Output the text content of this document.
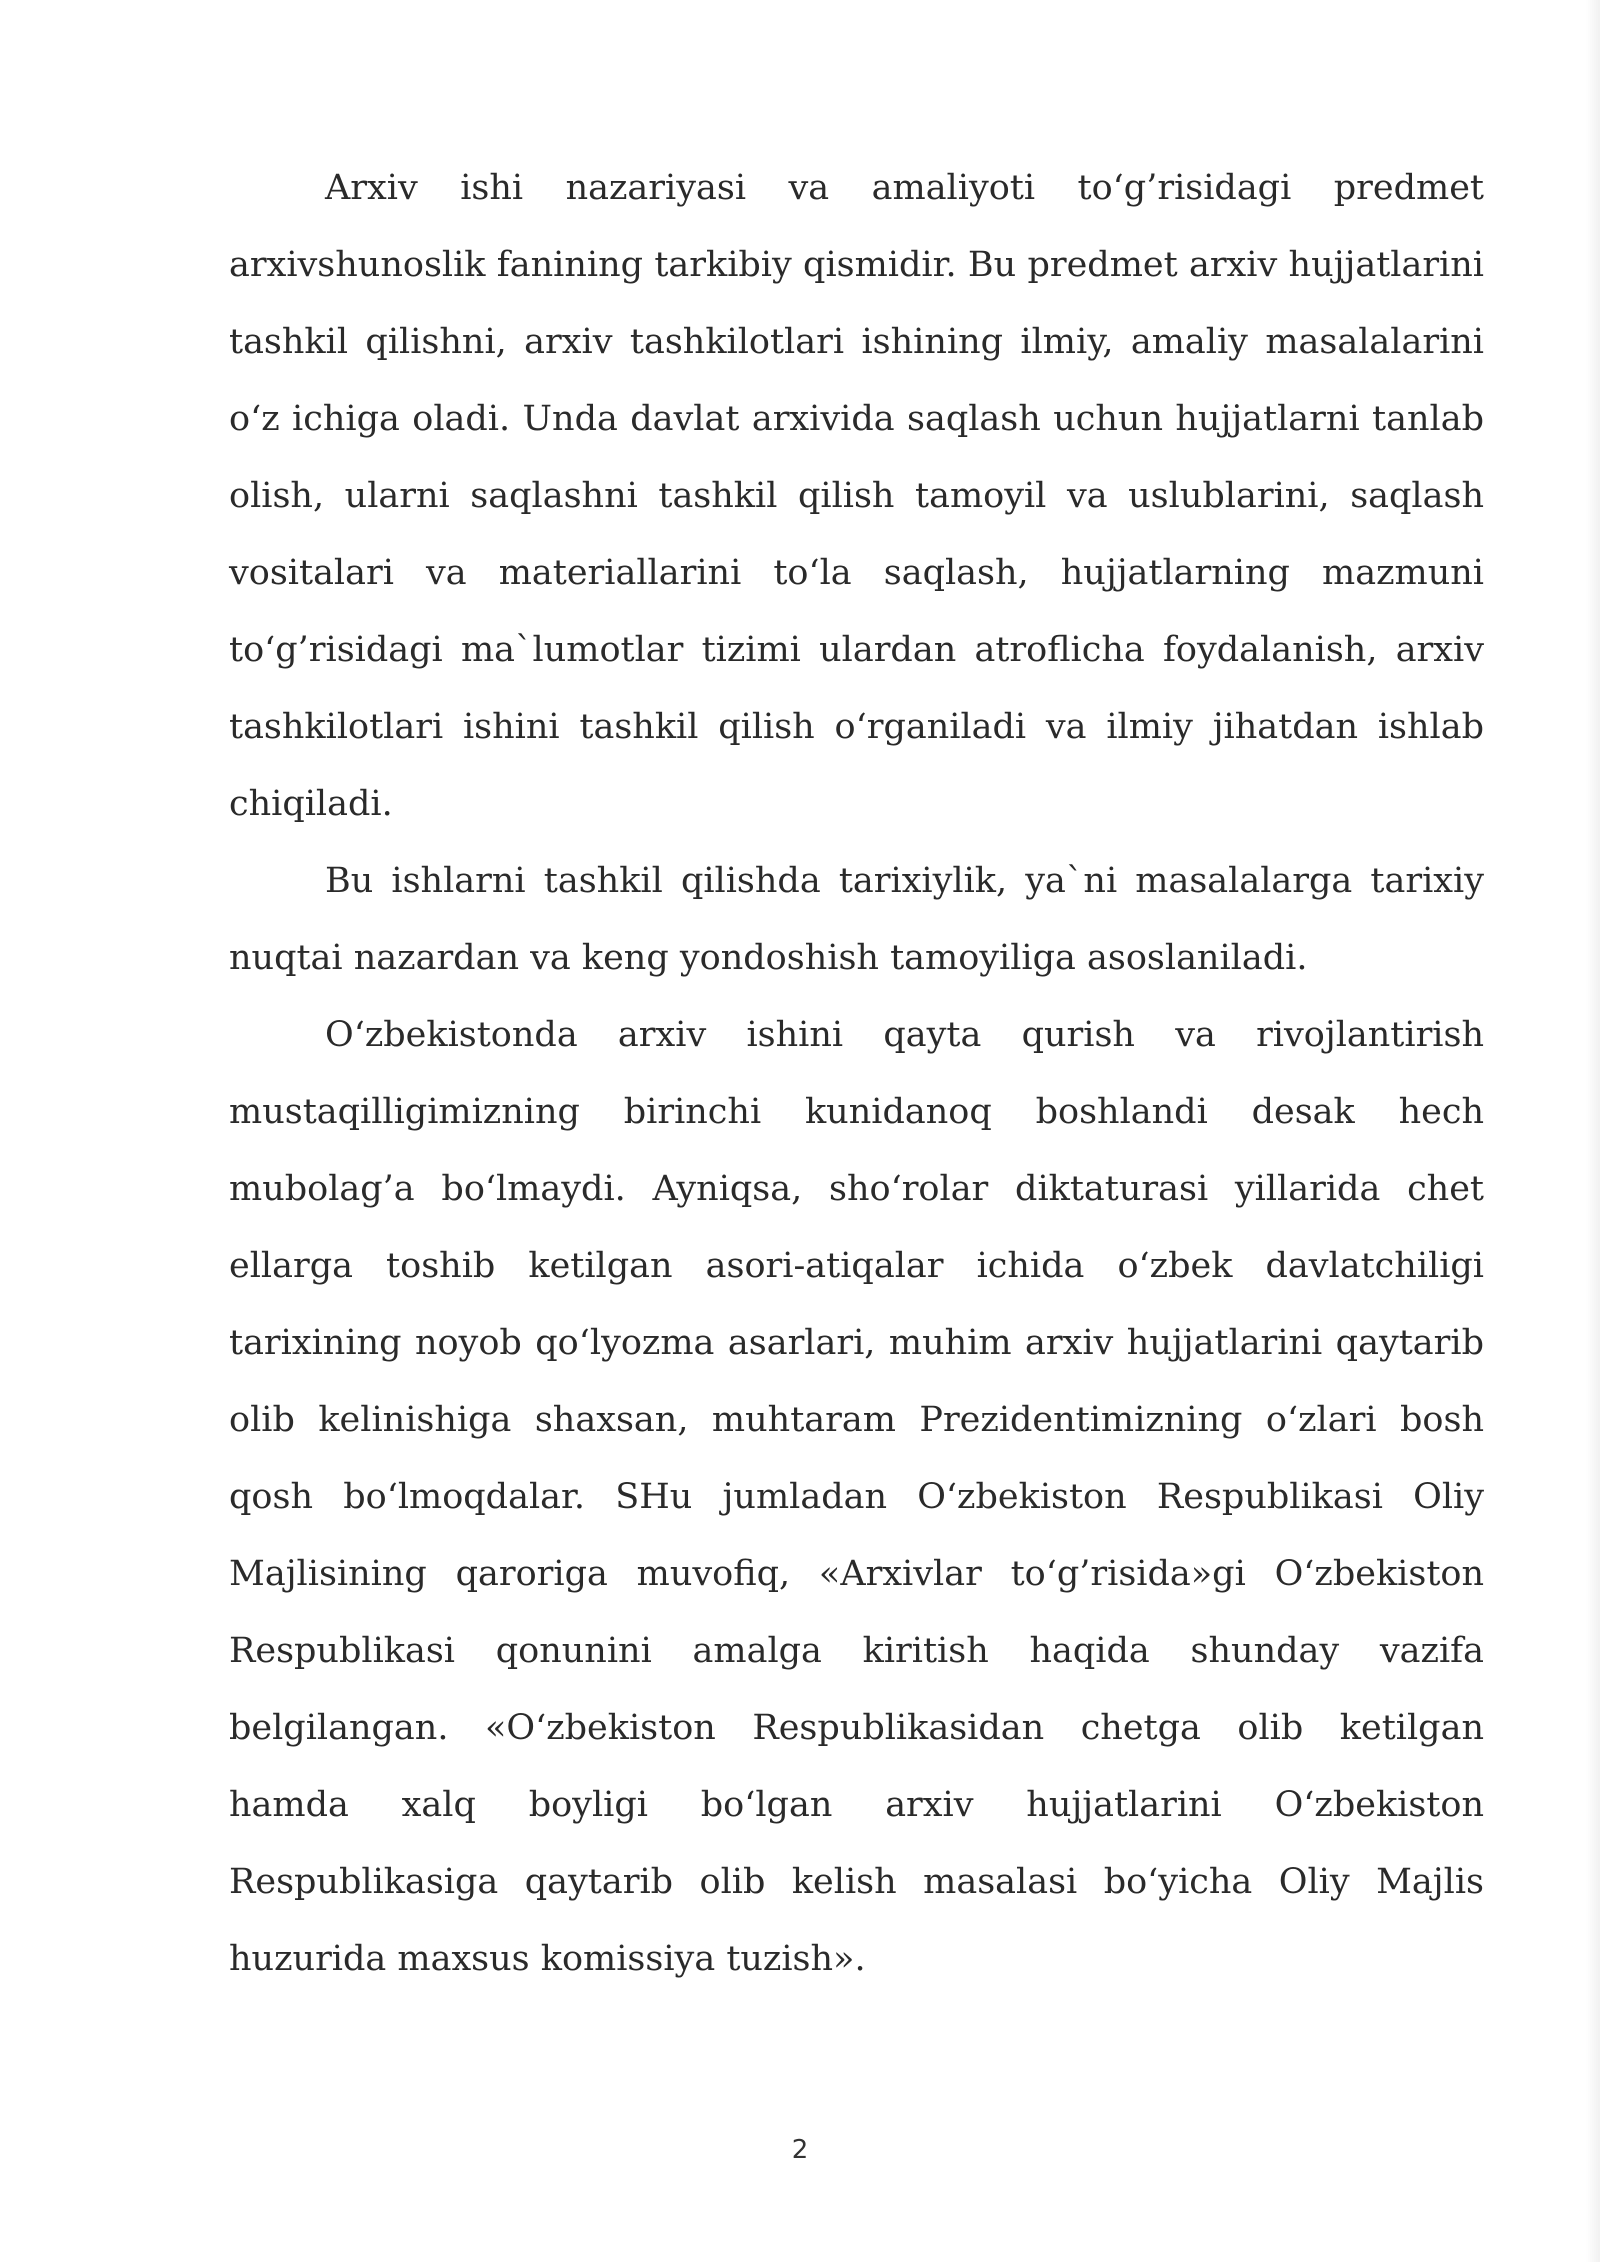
Arxiv ishi nazariyasi va amaliyoti to‘g’risidagi predmet arxivshunoslik fanining tarkibiy qismidir. Bu predmet arxiv hujjatlarini tashkil qilishni, arxiv tashkilotlari ishining ilmiy, amaliy masalalarini o‘z ichiga oladi. Unda davlat arxivida saqlash uchun hujjatlarni tanlab olish, ularni saqlashni tashkil qilish tamoyil va uslublarini, saqlash vositalari va materiallarini to‘la saqlash, hujjatlarning mazmuni to‘g’risidagi ma`lumotlar tizimi ulardan atroflicha foydalanish, arxiv tashkilotlari ishini tashkil qilish o‘rganiladi va ilmiy jihatdan ishlab chiqiladi.

Bu ishlarni tashkil qilishda tarixiylik, ya`ni masalalarga tarixiy nuqtai nazardan va keng yondoshish tamoyiliga asoslaniladi.

O‘zbekistonda arxiv ishini qayta qurish va rivojlantirish mustaqilligimizning birinchi kunidanoq boshlandi desak hech mubolag’a bo‘lmaydi. Ayniqsa, sho‘rolar diktaturasi yillarida chet ellarga toshib ketilgan asori-atiqalar ichida o‘zbek davlatchiligi tarixining noyob qo‘lyozma asarlari, muhim arxiv hujjatlarini qaytarib olib kelinishiga shaxsan, muhtaram Prezidentimizning o‘zlari bosh qosh bo‘lmoqdalar. SHu jumladan O‘zbekiston Respublikasi Oliy Majlisining qaroriga muvofiq, «Arxivlar to‘g’risida»gi O‘zbekiston Respublikasi qonunini amalga kiritish haqida shunday vazifa belgilangan. «O‘zbekiston Respublikasidan chetga olib ketilgan hamda xalq boyligi bo‘lgan arxiv hujjatlarini O‘zbekiston Respublikasiga qaytarib olib kelish masalasi bo‘yicha Oliy Majlis huzurida maxsus komissiya tuzish».

2
